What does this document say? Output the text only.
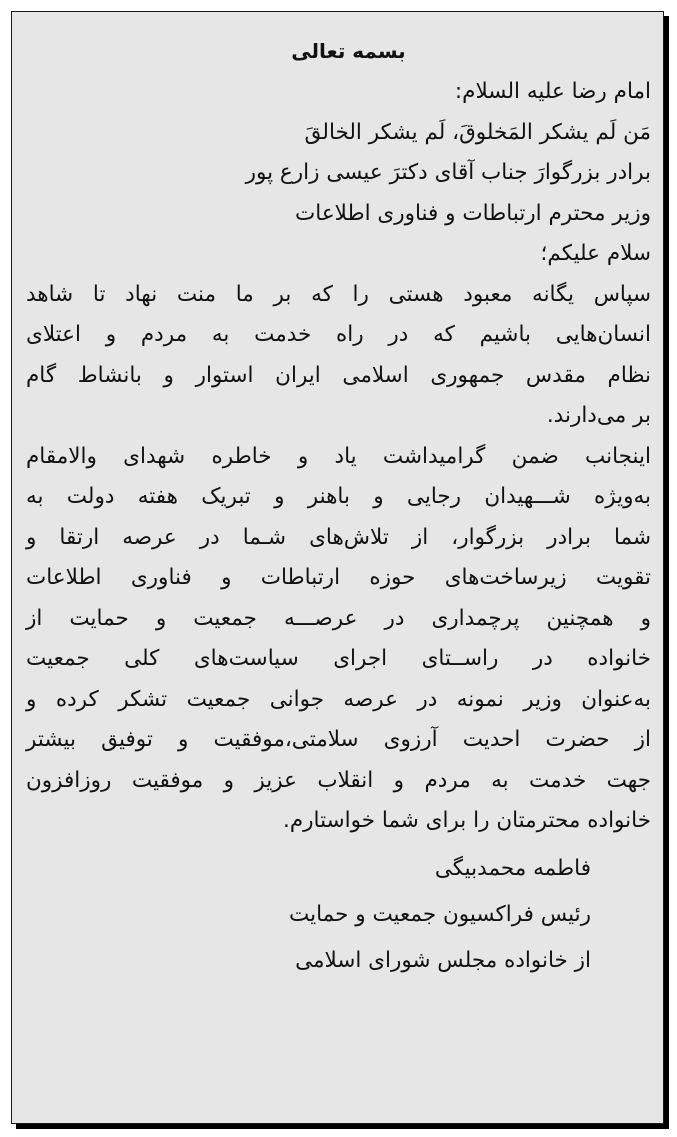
بسمه تعالی
امام رضا علیه السلام:
مَن لَم یشکر المَخلوقَ، لَم یشکر الخالقَ
برادر بزرگوارَ جناب آقای دکترَ عیسی زارع پور
وزیر محترم ارتباطات و فناوری اطلاعات
سلام علیکم؛
سپاس یگانه معبود هستی را که بر ما منت نهاد تا شاهد
انسان‌هایی باشیم که در راه خدمت به مردم و اعتلای
نظام مقدس جمهوری اسلامی ایران استوار و بانشاط گام
بر می‌دارند.
اینجانب ضمن گرامیداشت یاد و خاطره شهدای والامقام
به‌ویژه شـــهیدان رجایی و باهنر و تبریک هفته دولت به
شما برادر بزرگوار، از تلاش‌های شـما در عرصه ارتقا و
تقویت زیرساخت‌های حوزه ارتباطات و فناوری اطلاعات
و همچنین پرچمداری در عرصـــه جمعیت و حمایت از
خانواده در راســتای اجرای سیاست‌های کلی جمعیت
به‌عنوان وزیر نمونه در عرصه جوانی جمعیت تشکر کرده و
از حضرت احدیت آرزوی سلامتی،موفقیت و توفیق بیشتر
جهت خدمت به مردم و انقلاب عزیز و موفقیت روزافزون
خانواده محترمتان را برای شما خواستارم.
فاطمه محمدبیگی
رئیس فراکسیون جمعیت و حمایت
از خانواده مجلس شورای اسلامی
